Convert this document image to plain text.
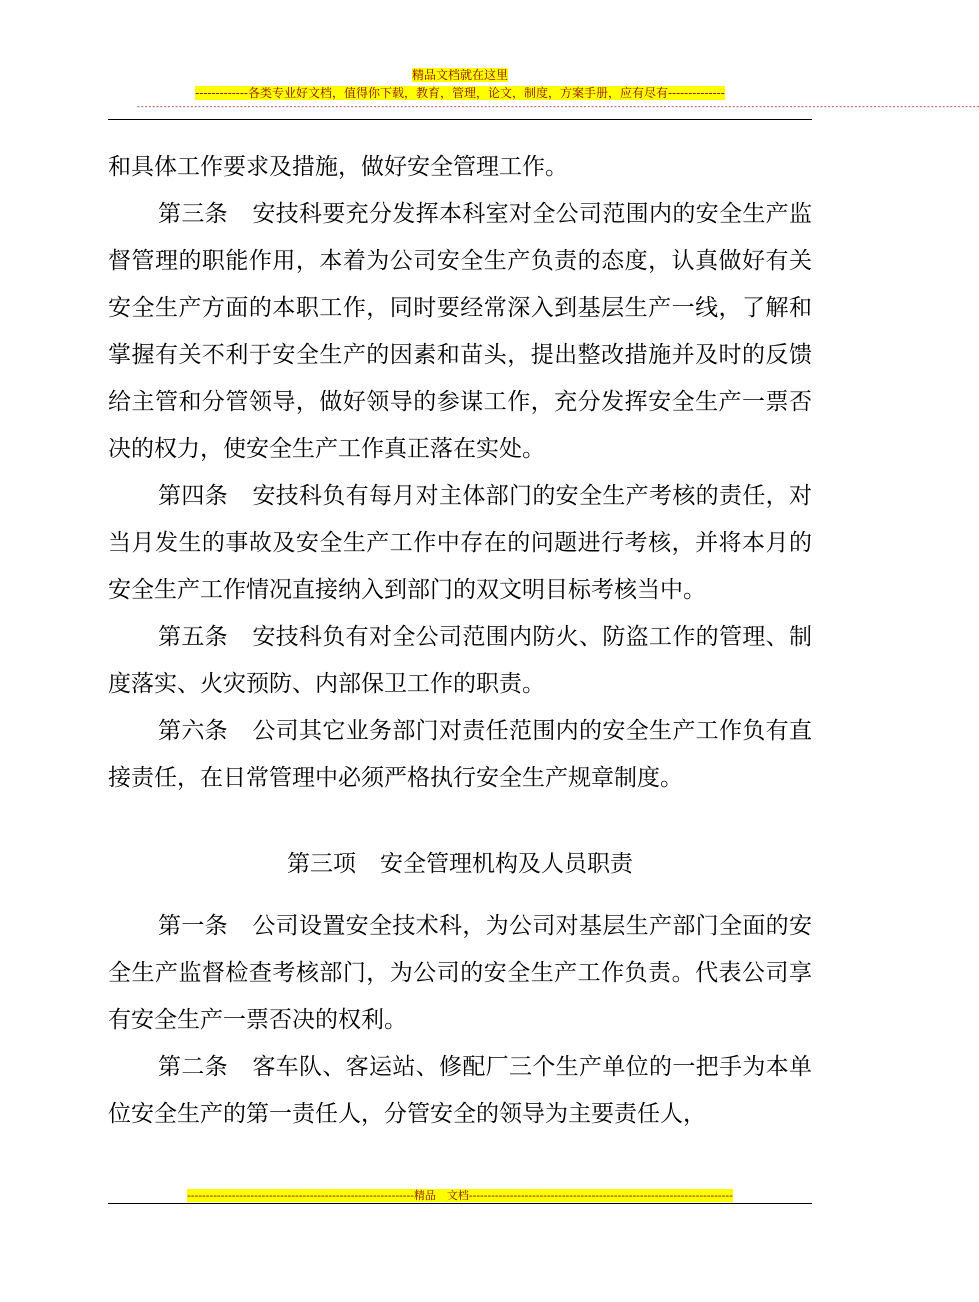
精品文档就在这里
-------------各类专业好文档，值得你下载，教育，管理，论文，制度，方案手册，应有尽有--------------
-----------------------------------------------------------------------------------------------------------------------------------------------------------------------------------------------------------------------------

和具体工作要求及措施，做好安全管理工作。

第三条 安技科要充分发挥本科室对全公司范围内的安全生产监督管理的职能作用，本着为公司安全生产负责的态度，认真做好有关安全生产方面的本职工作，同时要经常深入到基层生产一线，了解和掌握有关不利于安全生产的因素和苗头，提出整改措施并及时的反馈给主管和分管领导，做好领导的参谋工作，充分发挥安全生产一票否决的权力，使安全生产工作真正落在实处。

第四条 安技科负有每月对主体部门的安全生产考核的责任，对当月发生的事故及安全生产工作中存在的问题进行考核，并将本月的安全生产工作情况直接纳入到部门的双文明目标考核当中。

第五条 安技科负有对全公司范围内防火、防盗工作的管理、制度落实、火灾预防、内部保卫工作的职责。

第六条 公司其它业务部门对责任范围内的安全生产工作负有直接责任，在日常管理中必须严格执行安全生产规章制度。

第三项 安全管理机构及人员职责

第一条 公司设置安全技术科，为公司对基层生产部门全面的安全生产监督检查考核部门，为公司的安全生产工作负责。代表公司享有安全生产一票否决的权利。

第二条 客车队、客运站、修配厂三个生产单位的一把手为本单位安全生产的第一责任人，分管安全的领导为主要责任人，

-------------------------------------------------------------精品　文档-----------------------------------------------------------------------
